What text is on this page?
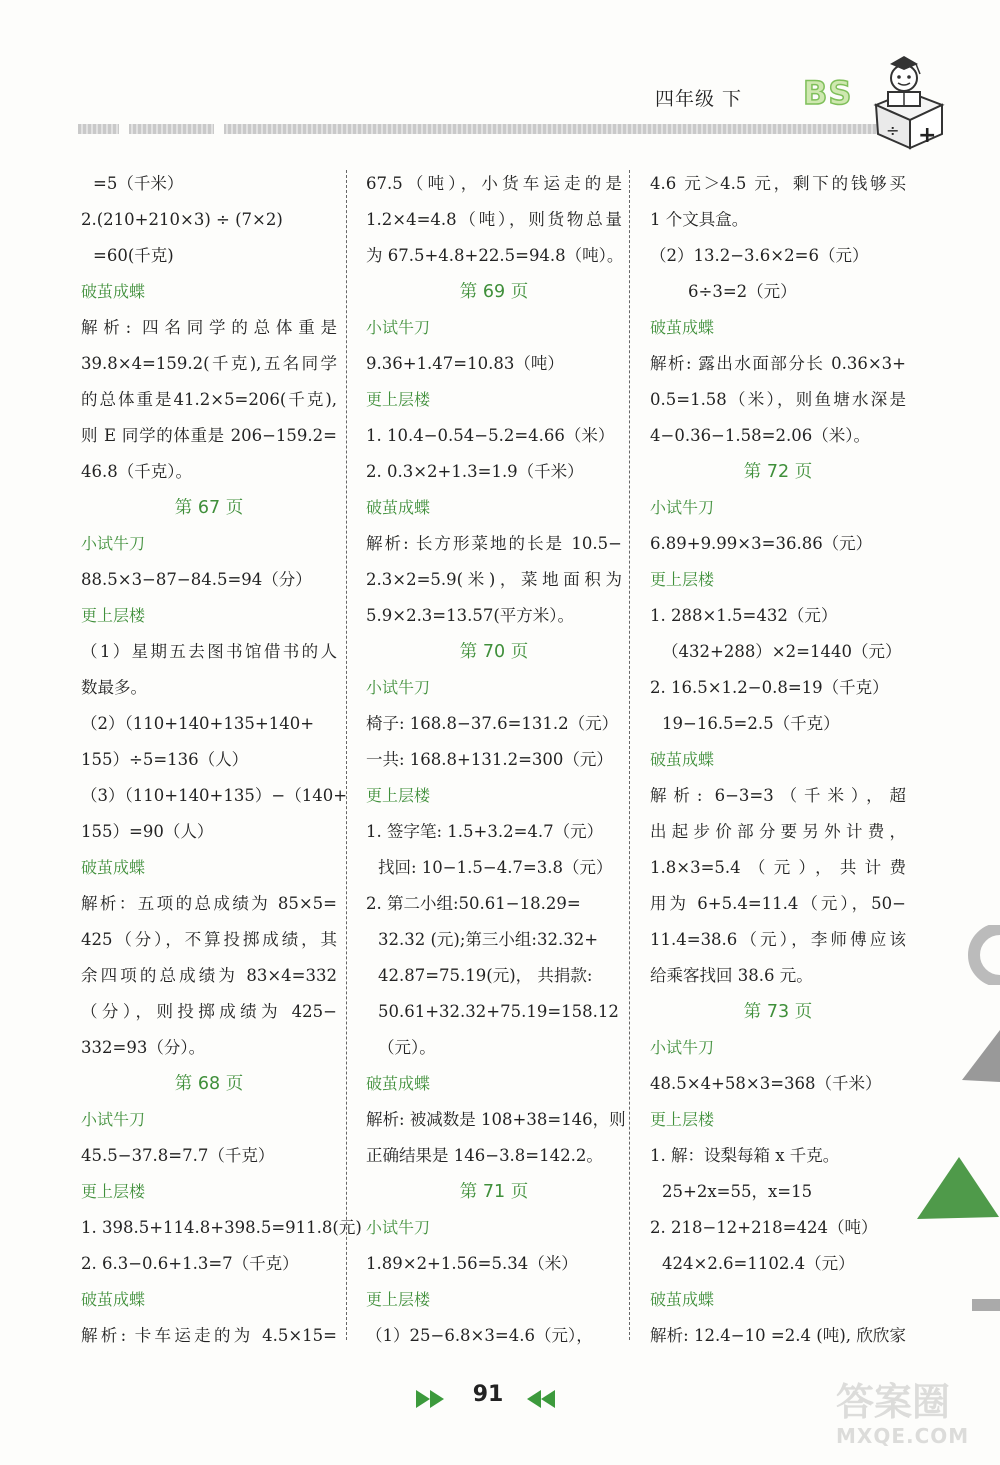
四年级 下 BS
+
÷
=5（千米）
2.(210+210×3) ÷ (7×2)
=60(千克)
破茧成蝶
解析: 四名同学的总体重是
39.8×4=159.2(千克),五名同学
的总体重是41.2×5=206(千克),
则 E 同学的体重是 206−159.2=
46.8（千克）。
第 67 页
小试牛刀
88.5×3−87−84.5=94（分）
更上层楼
（1）星期五去图书馆借书的人
数最多。
（2）（110+140+135+140+
155）÷5=136（人）
（3）（110+140+135）−（140+
155）=90（人）
破茧成蝶
解析：五项的总成绩为 85×5=
425（分），不算投掷成绩，其
余四项的总成绩为 83×4=332
（分），则投掷成绩为 425−
332=93（分）。
第 68 页
小试牛刀
45.5−37.8=7.7（千克）
更上层楼
1. 398.5+114.8+398.5=911.8(元)
2. 6.3−0.6+1.3=7（千克）
破茧成蝶
解析: 卡车运走的为 4.5×15=
67.5（吨），小货车运走的是
1.2×4=4.8（吨），则货物总量
为 67.5+4.8+22.5=94.8（吨）。
第 69 页
小试牛刀
9.36+1.47=10.83（吨）
更上层楼
1. 10.4−0.54−5.2=4.66（米）
2. 0.3×2+1.3=1.9（千米）
破茧成蝶
解析: 长方形菜地的长是 10.5−
2.3×2=5.9(米)，菜地面积为
5.9×2.3=13.57(平方米）。
第 70 页
小试牛刀
椅子: 168.8−37.6=131.2（元）
一共: 168.8+131.2=300（元）
更上层楼
1. 签字笔: 1.5+3.2=4.7（元）
找回: 10−1.5−4.7=3.8（元）
2. 第二小组:50.61−18.29=
32.32 (元);第三小组:32.32+
42.87=75.19(元)， 共捐款:
50.61+32.32+75.19=158.12
（元）。
破茧成蝶
解析: 被减数是 108+38=146，则
正确结果是 146−3.8=142.2。
第 71 页
小试牛刀
1.89×2+1.56=5.34（米）
更上层楼
（1）25−6.8×3=4.6（元），
4.6 元＞4.5 元，剩下的钱够买
1 个文具盒。
（2）13.2−3.6×2=6（元）
6÷3=2（元）
破茧成蝶
解析: 露出水面部分长 0.36×3+
0.5=1.58（米），则鱼塘水深是
4−0.36−1.58=2.06（米）。
第 72 页
小试牛刀
6.89+9.99×3=36.86（元）
更上层楼
1. 288×1.5=432（元）
（432+288）×2=1440（元）
2. 16.5×1.2−0.8=19（千克）
19−16.5=2.5（千克）
破茧成蝶
解析: 6−3=3（千米），超
出起步价部分要另外计费，
1.8×3=5.4（元），共计费
用为 6+5.4=11.4（元），50−
11.4=38.6（元），李师傅应该
给乘客找回 38.6 元。
第 73 页
小试牛刀
48.5×4+58×3=368（千米）
更上层楼
1. 解：设梨每箱 x 千克。
25+2x=55，x=15
2. 218−12+218=424（吨）
424×2.6=1102.4（元）
破茧成蝶
解析: 12.4−10 =2.4 (吨), 欣欣家
91	答案圈
MXQE.COM
